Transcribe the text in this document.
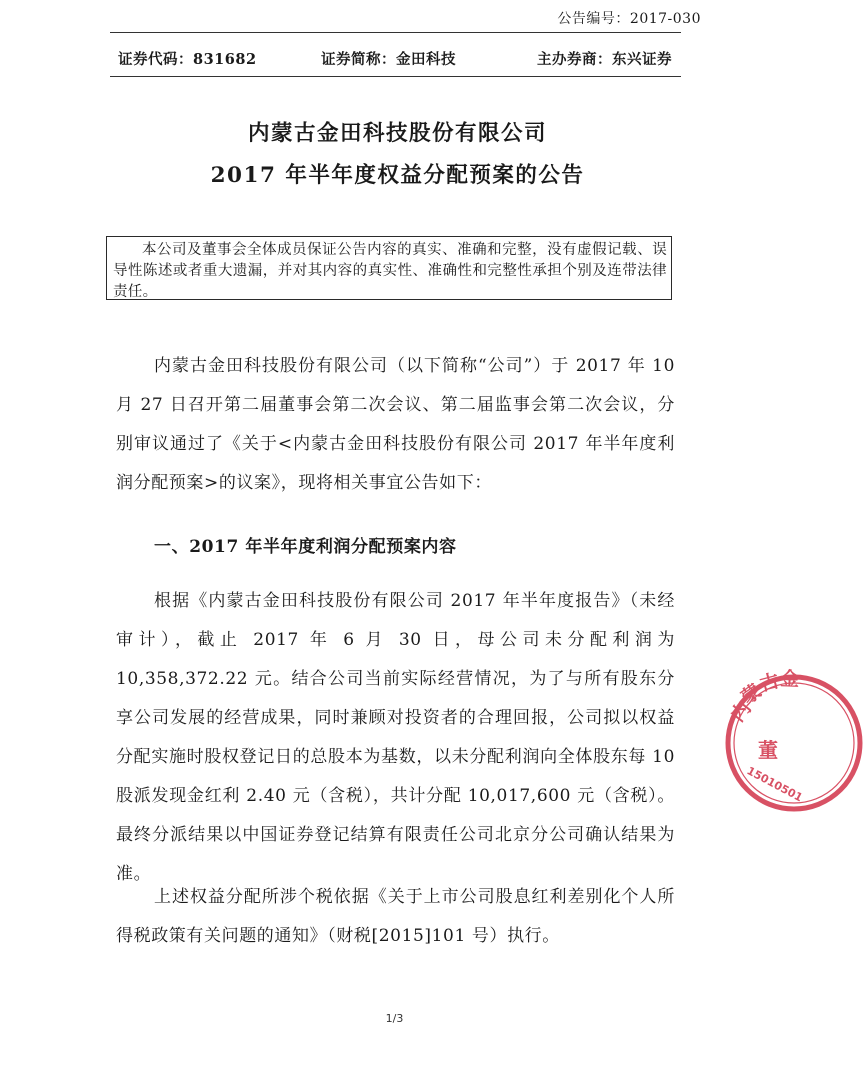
公告编号：2017-030
证券代码：831682	证券简称：金田科技	主办券商：东兴证券
内蒙古金田科技股份有限公司
2017 年半年度权益分配预案的公告

本公司及董事会全体成员保证公告内容的真实、准确和完整，没有虚假记载、误导性陈述或者重大遗漏，并对其内容的真实性、准确性和完整性承担个别及连带法律责任。

内蒙古金田科技股份有限公司（以下简称“公司”）于 2017 年 10 月 27 日召开第二届董事会第二次会议、第二届监事会第二次会议，分别审议通过了《关于<内蒙古金田科技股份有限公司 2017 年半年度利润分配预案>的议案》，现将相关事宜公告如下：

一、2017 年半年度利润分配预案内容

根据《内蒙古金田科技股份有限公司 2017 年半年度报告》（未经审计），截止 2017 年 6 月 30 日，母公司未分配利润为 10,358,372.22 元。结合公司当前实际经营情况，为了与所有股东分享公司发展的经营成果，同时兼顾对投资者的合理回报，公司拟以权益分配实施时股权登记日的总股本为基数，以未分配利润向全体股东每 10 股派发现金红利 2.40 元（含税），共计分配 10,017,600 元（含税）。最终分派结果以中国证券登记结算有限责任公司北京分公司确认结果为准。

上述权益分配所涉个税依据《关于上市公司股息红利差别化个人所得税政策有关问题的通知》（财税[2015]101 号）执行。

1/3
内
蒙
古
金
董
15010501
